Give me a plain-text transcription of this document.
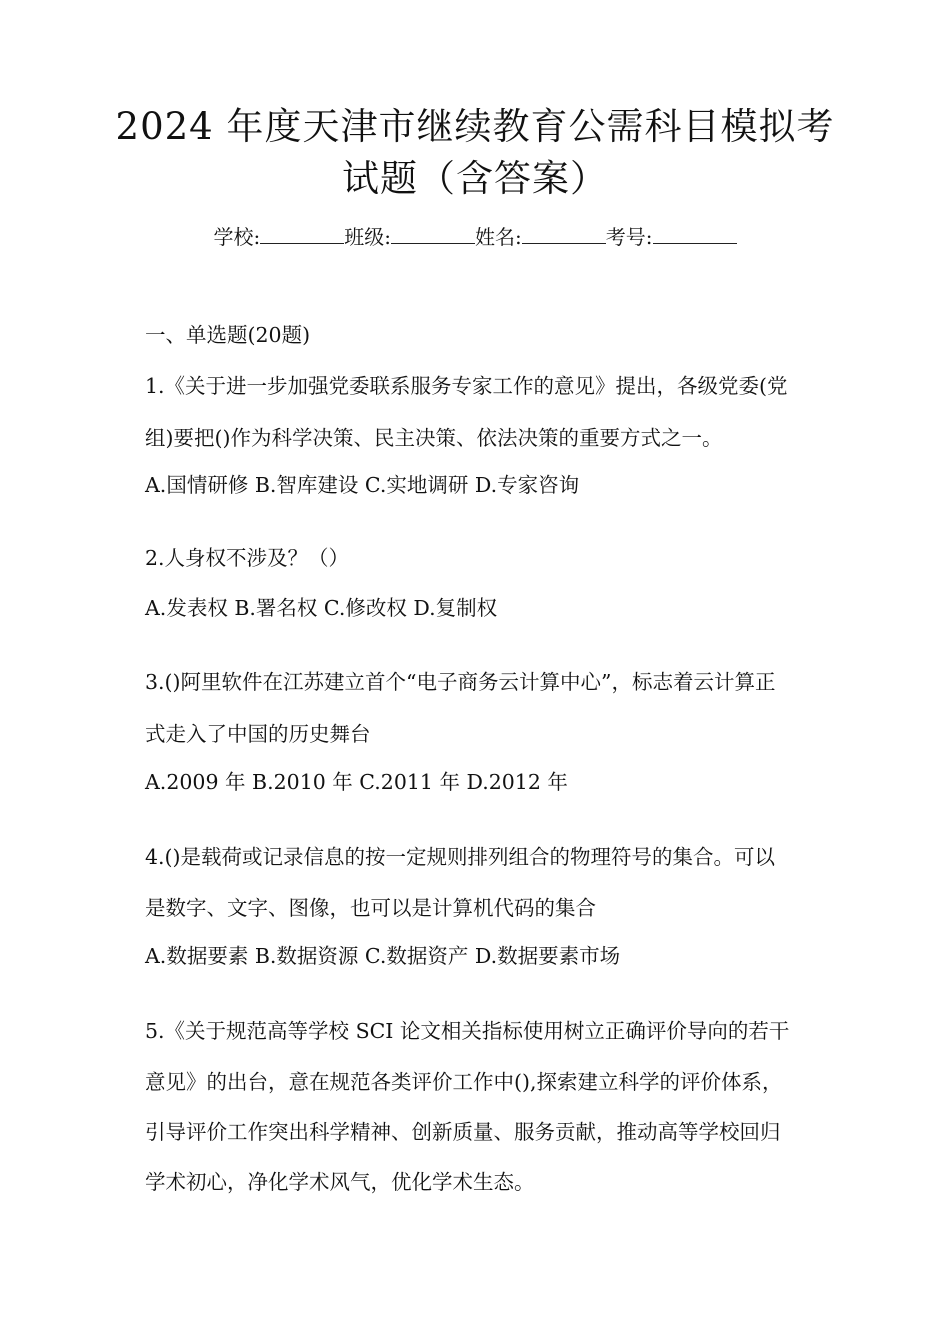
2024 年度天津市继续教育公需科目模拟考
试题（含答案）
学校:	班级:	姓名:	考号:

一、单选题(20题)

1.《关于进一步加强党委联系服务专家工作的意见》提出，各级党委(党

组)要把()作为科学决策、民主决策、依法决策的重要方式之一。

A.国情研修 B.智库建设 C.实地调研 D.专家咨询

2.人身权不涉及？（）

A.发表权 B.署名权 C.修改权 D.复制权

3.()阿里软件在江苏建立首个“电子商务云计算中心”，标志着云计算正

式走入了中国的历史舞台

A.2009 年 B.2010 年 C.2011 年 D.2012 年

4.()是载荷或记录信息的按一定规则排列组合的物理符号的集合。可以

是数字、文字、图像，也可以是计算机代码的集合

A.数据要素 B.数据资源 C.数据资产 D.数据要素市场

5.《关于规范高等学校 SCI 论文相关指标使用树立正确评价导向的若干

意见》的出台，意在规范各类评价工作中(),探索建立科学的评价体系，

引导评价工作突出科学精神、创新质量、服务贡献，推动高等学校回归

学术初心，净化学术风气，优化学术生态。
